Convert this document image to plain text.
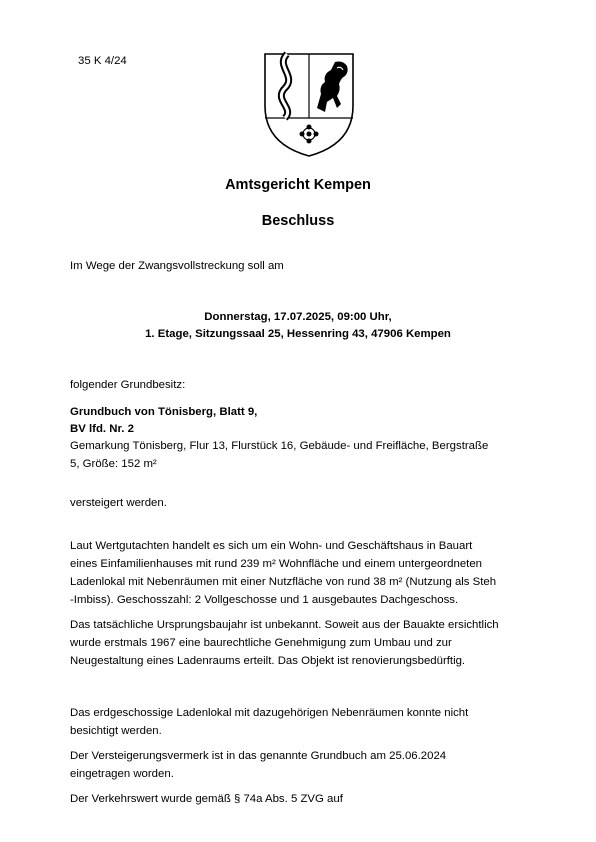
35 K 4/24
Amtsgericht Kempen
Beschluss
Im Wege der Zwangsvollstreckung soll am
Donnerstag, 17.07.2025, 09:00 Uhr,
1. Etage, Sitzungssaal 25, Hessenring 43, 47906 Kempen
folgender Grundbesitz:
Grundbuch von Tönisberg, Blatt 9,
BV lfd. Nr. 2
Gemarkung Tönisberg, Flur 13, Flurstück 16, Gebäude- und Freifläche, Bergstraße
5, Größe: 152 m²
versteigert werden.
Laut Wertgutachten handelt es sich um ein Wohn- und Geschäftshaus in Bauart
eines Einfamilienhauses mit rund 239 m² Wohnfläche und einem untergeordneten
Ladenlokal mit Nebenräumen mit einer Nutzfläche von rund 38 m² (Nutzung als Steh
-Imbiss). Geschosszahl: 2 Vollgeschosse und 1 ausgebautes Dachgeschoss.
Das tatsächliche Ursprungsbaujahr ist unbekannt. Soweit aus der Bauakte ersichtlich
wurde erstmals 1967 eine baurechtliche Genehmigung zum Umbau und zur
Neugestaltung eines Ladenraums erteilt. Das Objekt ist renovierungsbedürftig.
Das erdgeschossige Ladenlokal mit dazugehörigen Nebenräumen konnte nicht
besichtigt werden.
Der Versteigerungsvermerk ist in das genannte Grundbuch am 25.06.2024
eingetragen worden.
Der Verkehrswert wurde gemäß § 74a Abs. 5 ZVG auf
